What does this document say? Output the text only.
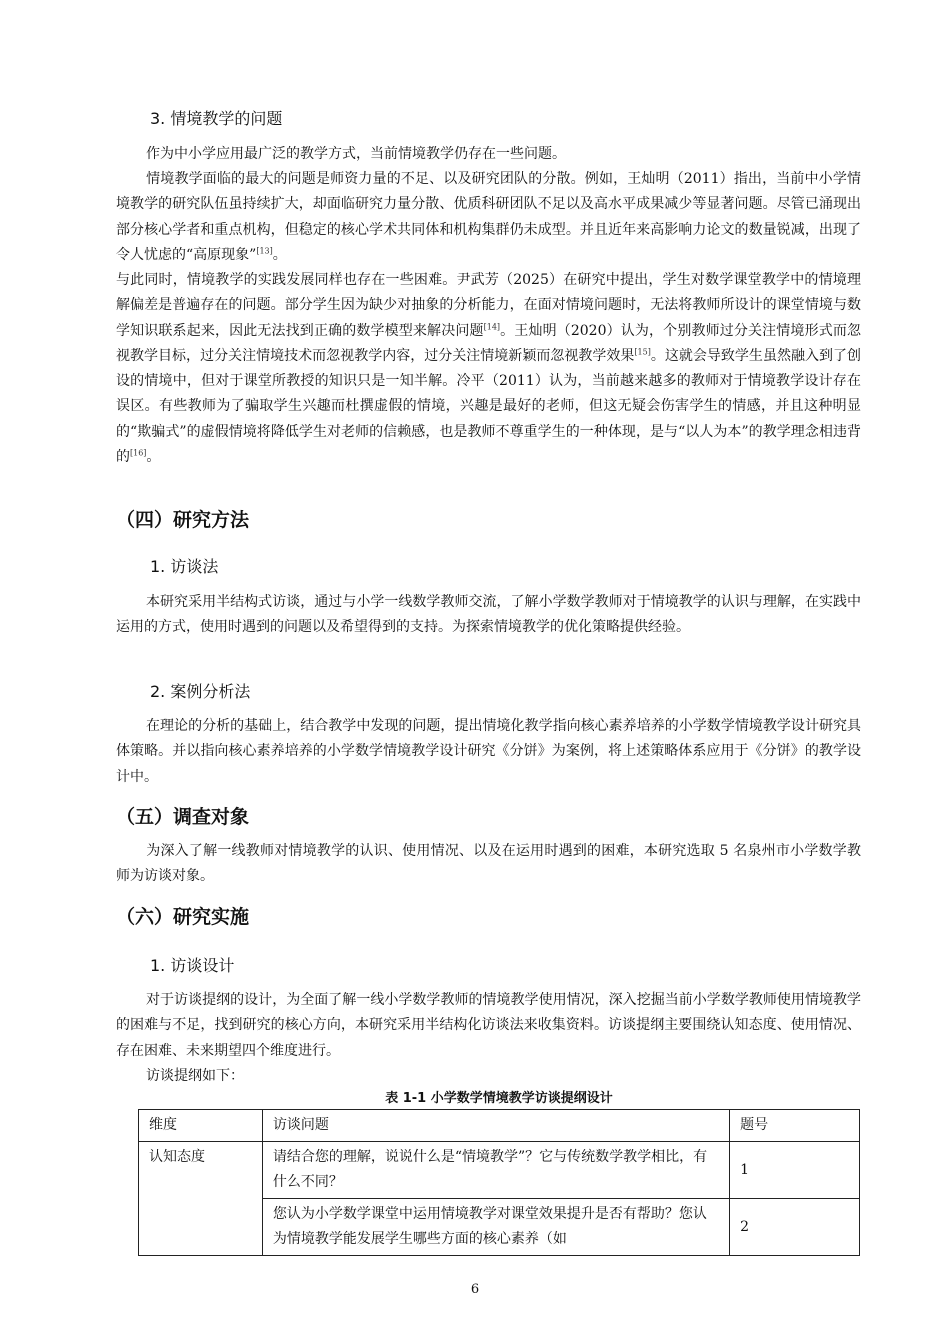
3. 情境教学的问题

作为中小学应用最广泛的教学方式，当前情境教学仍存在一些问题。

情境教学面临的最大的问题是师资力量的不足、以及研究团队的分散。例如，王灿明（2011）指出，当前中小学情境教学的研究队伍虽持续扩大，却面临研究力量分散、优质科研团队不足以及高水平成果减少等显著问题。尽管已涌现出部分核心学者和重点机构，但稳定的核心学术共同体和机构集群仍未成型。并且近年来高影响力论文的数量锐减，出现了令人忧虑的“高原现象”[13]。

与此同时，情境教学的实践发展同样也存在一些困难。尹武芳（2025）在研究中提出，学生对数学课堂教学中的情境理解偏差是普遍存在的问题。部分学生因为缺少对抽象的分析能力，在面对情境问题时，无法将教师所设计的课堂情境与数学知识联系起来，因此无法找到正确的数学模型来解决问题[14]。王灿明（2020）认为，个别教师过分关注情境形式而忽视教学目标，过分关注情境技术而忽视教学内容，过分关注情境新颖而忽视教学效果[15]。这就会导致学生虽然融入到了创设的情境中，但对于课堂所教授的知识只是一知半解。冷平（2011）认为，当前越来越多的教师对于情境教学设计存在误区。有些教师为了骗取学生兴趣而杜撰虚假的情境，兴趣是最好的老师，但这无疑会伤害学生的情感，并且这种明显的“欺骗式”的虚假情境将降低学生对老师的信赖感，也是教师不尊重学生的一种体现，是与“以人为本”的教学理念相违背的[16]。

（四）研究方法
1. 访谈法

本研究采用半结构式访谈，通过与小学一线数学教师交流，了解小学数学教师对于情境教学的认识与理解，在实践中运用的方式，使用时遇到的问题以及希望得到的支持。为探索情境教学的优化策略提供经验。

2. 案例分析法

在理论的分析的基础上，结合教学中发现的问题，提出情境化教学指向核心素养培养的小学数学情境教学设计研究具体策略。并以指向核心素养培养的小学数学情境教学设计研究《分饼》为案例，将上述策略体系应用于《分饼》的教学设计中。

（五）调查对象

为深入了解一线教师对情境教学的认识、使用情况、以及在运用时遇到的困难，本研究选取 5 名泉州市小学数学教师为访谈对象。

（六）研究实施
1. 访谈设计

对于访谈提纲的设计，为全面了解一线小学数学教师的情境教学使用情况，深入挖掘当前小学数学教师使用情境教学的困难与不足，找到研究的核心方向，本研究采用半结构化访谈法来收集资料。访谈提纲主要围绕认知态度、使用情况、存在困难、未来期望四个维度进行。

访谈提纲如下：

表 1-1 小学数学情境教学访谈提纲设计
维度	访谈问题	题号
认知态度	请结合您的理解，说说什么是“情境教学”？它与传统数学教学相比，有什么不同？	1
	您认为小学数学课堂中运用情境教学对课堂效果提升是否有帮助？您认为情境教学能发展学生哪些方面的核心素养（如	2
6
